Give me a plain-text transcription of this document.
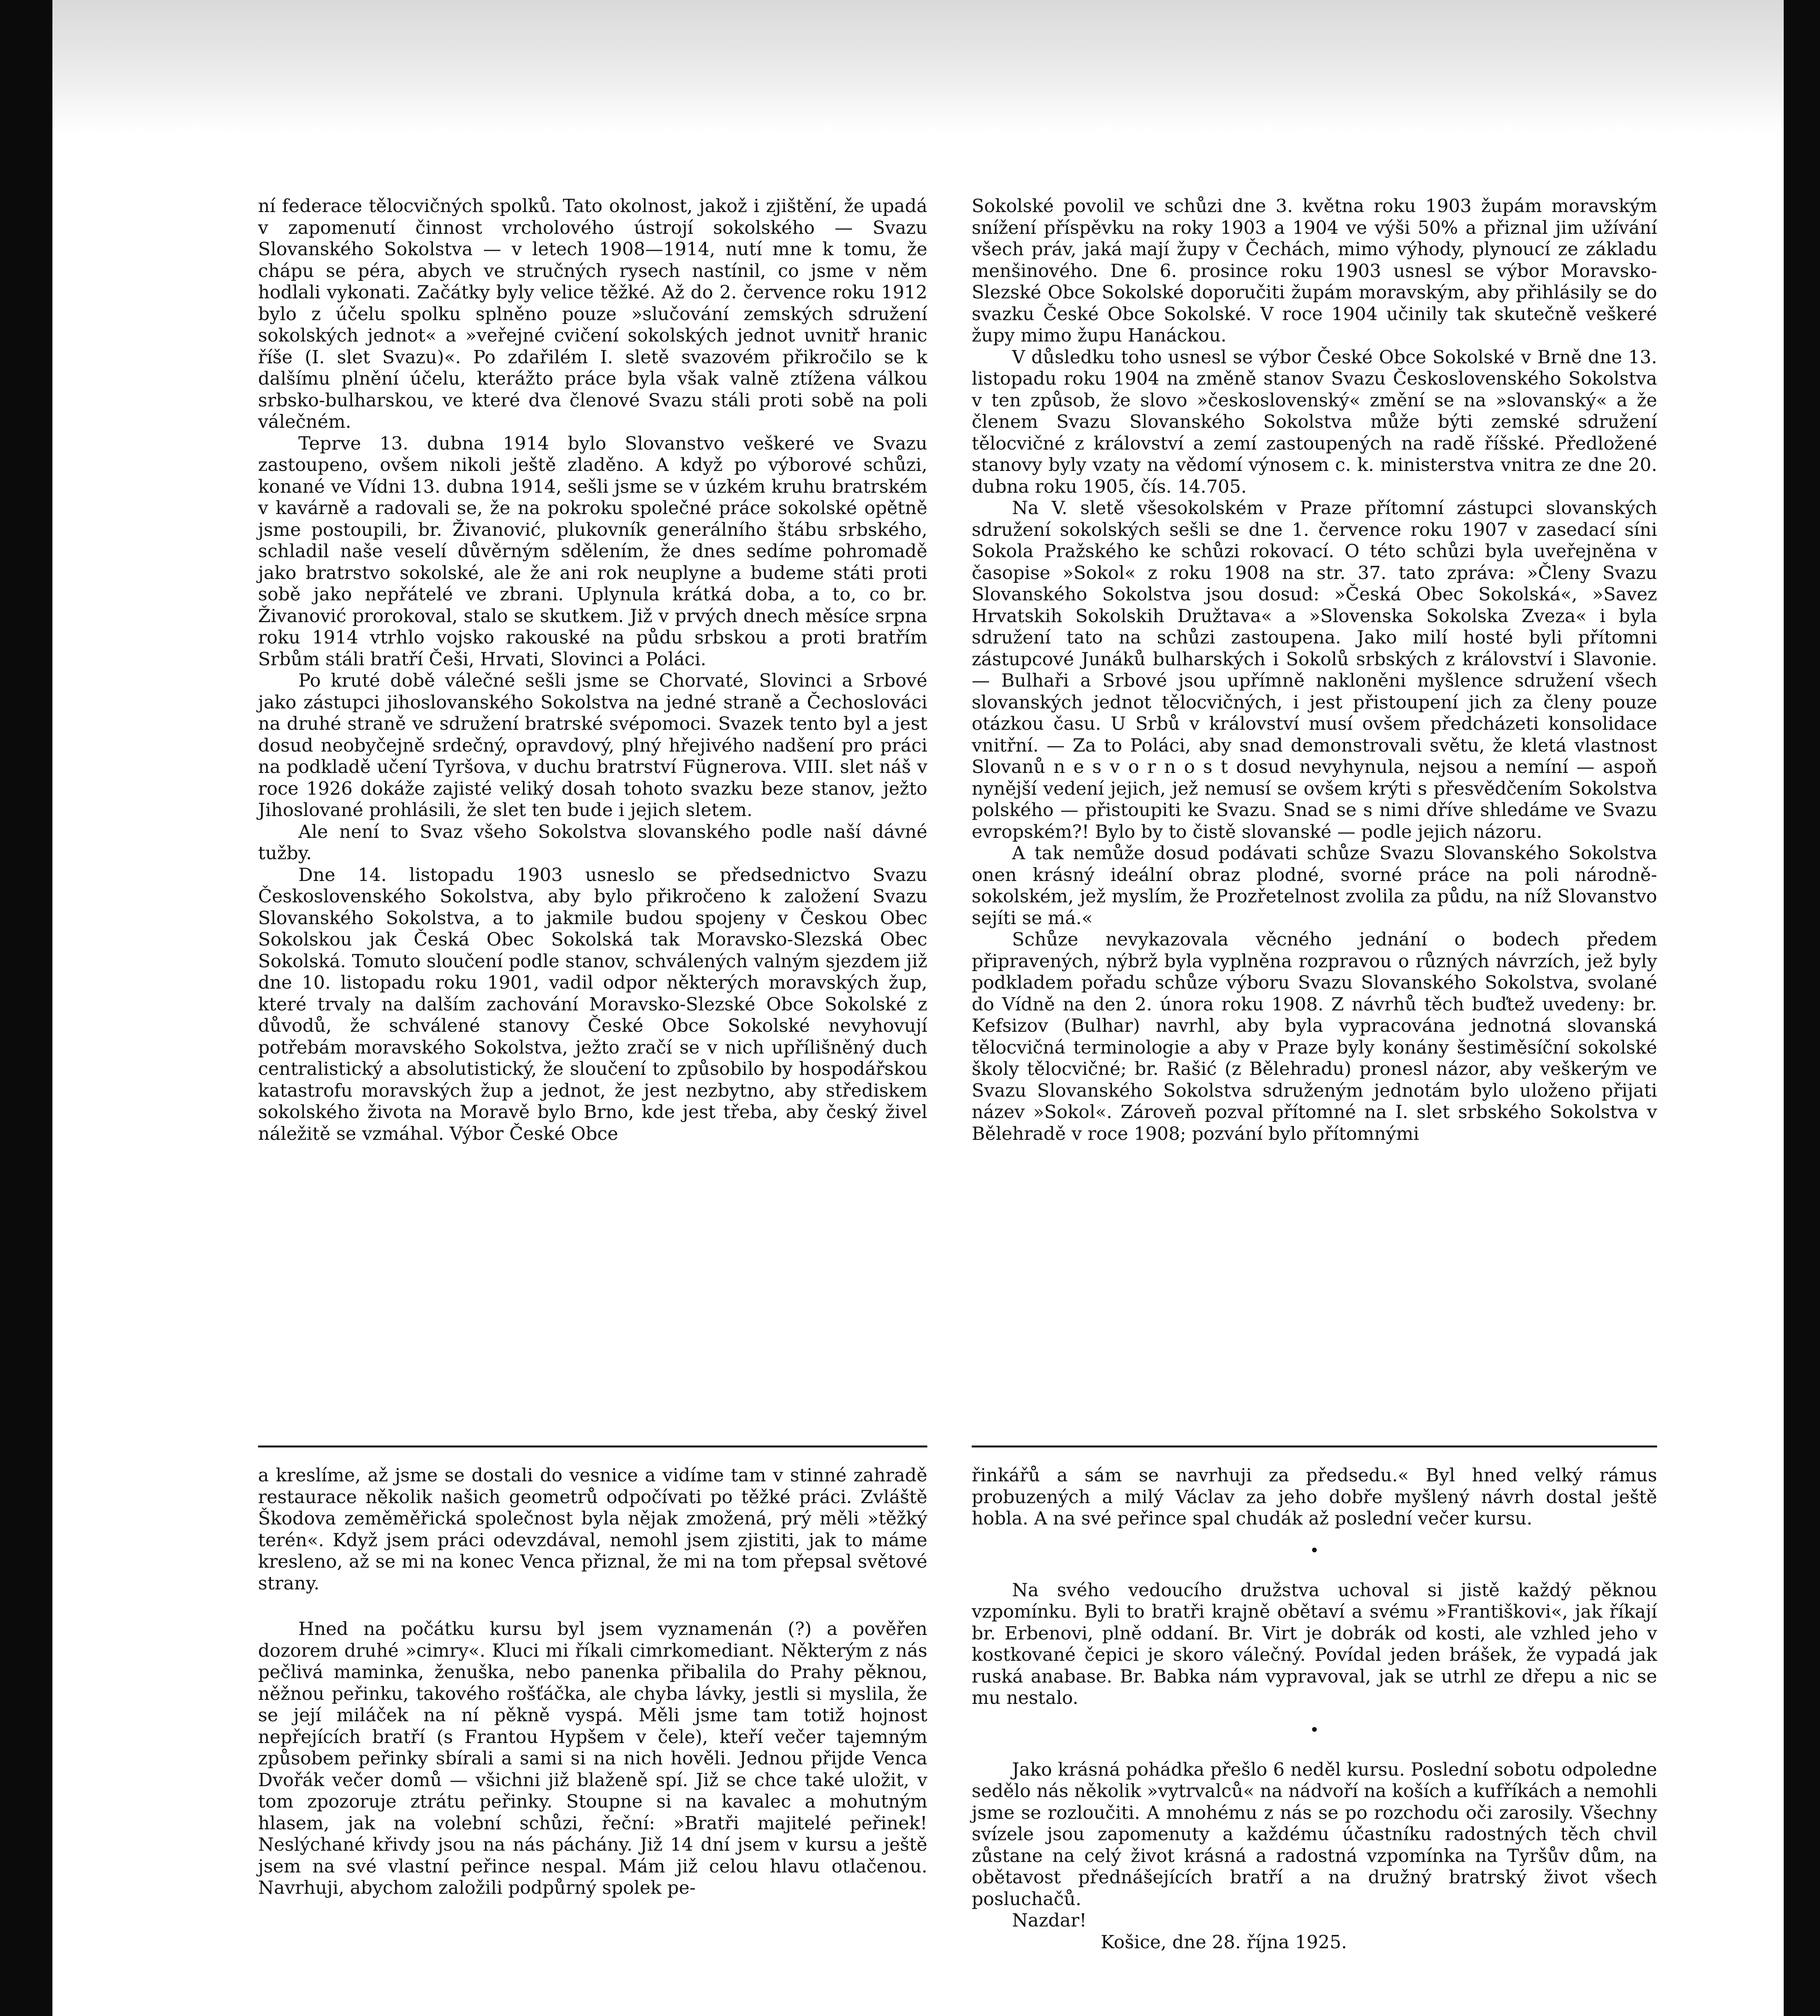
ní federace tělocvičných spolků. Tato okolnost, jakož i zjištění, že upadá v zapomenutí činnost vrcholového ústrojí sokolského — Svazu Slovanského Sokolstva — v letech 1908—1914, nutí mne k tomu, že chápu se péra, abych ve stručných rysech nastínil, co jsme v něm hodlali vykonati. Začátky byly velice těžké. Až do 2. července roku 1912 bylo z účelu spolku splněno pouze »slučování zemských sdružení sokolských jednot« a »veřejné cvičení sokolských jednot uvnitř hranic říše (I. slet Svazu)«. Po zdařilém I. sletě svazovém přikročilo se k dalšímu plnění účelu, kterážto práce byla však valně ztížena válkou srbsko-bulharskou, ve které dva členové Svazu stáli proti sobě na poli válečném.

Teprve 13. dubna 1914 bylo Slovanstvo veškeré ve Svazu zastoupeno, ovšem nikoli ještě zladěno. A když po výborové schůzi, konané ve Vídni 13. dubna 1914, sešli jsme se v úzkém kruhu bratrském v kavárně a radovali se, že na pokroku společné práce sokolské opětně jsme postoupili, br. Živanović, plukovník generálního štábu srbského, schladil naše veselí důvěrným sdělením, že dnes sedíme pohromadě jako bratrstvo sokolské, ale že ani rok neuplyne a budeme státi proti sobě jako nepřátelé ve zbrani. Uplynula krátká doba, a to, co br. Živanović prorokoval, stalo se skutkem. Již v prvých dnech měsíce srpna roku 1914 vtrhlo vojsko rakouské na půdu srbskou a proti bratřím Srbům stáli bratří Češi, Hrvati, Slovinci a Poláci.

Po kruté době válečné sešli jsme se Chorvaté, Slovinci a Srbové jako zástupci jihoslovanského Sokolstva na jedné straně a Čechoslováci na druhé straně ve sdružení bratrské svépomoci. Svazek tento byl a jest dosud neobyčejně srdečný, opravdový, plný hřejivého nadšení pro práci na podkladě učení Tyršova, v duchu bratrství Fügnerova. VIII. slet náš v roce 1926 dokáže zajisté veliký dosah tohoto svazku beze stanov, ježto Jihoslované prohlásili, že slet ten bude i jejich sletem.

Ale není to Svaz všeho Sokolstva slovanského podle naší dávné tužby.

Dne 14. listopadu 1903 usneslo se předsednictvo Svazu Československého Sokolstva, aby bylo přikročeno k založení Svazu Slovanského Sokolstva, a to jakmile budou spojeny v Českou Obec Sokolskou jak Česká Obec Sokolská tak Moravsko-Slezská Obec Sokolská. Tomuto sloučení podle stanov, schválených valným sjezdem již dne 10. listopadu roku 1901, vadil odpor některých moravských žup, které trvaly na dalším zachování Moravsko-Slezské Obce Sokolské z důvodů, že schválené stanovy České Obce Sokolské nevyhovují potřebám moravského Sokolstva, ježto zračí se v nich upřílišněný duch centralistický a absolutistický, že sloučení to způsobilo by hospodářskou katastrofu moravských žup a jednot, že jest nezbytno, aby střediskem sokolského života na Moravě bylo Brno, kde jest třeba, aby český živel náležitě se vzmáhal. Výbor České Obce

Sokolské povolil ve schůzi dne 3. května roku 1903 župám moravským snížení příspěvku na roky 1903 a 1904 ve výši 50% a přiznal jim užívání všech práv, jaká mají župy v Čechách, mimo výhody, plynoucí ze základu menšinového. Dne 6. prosince roku 1903 usnesl se výbor Moravsko-Slezské Obce Sokolské doporučiti župám moravským, aby přihlásily se do svazku České Obce Sokolské. V roce 1904 učinily tak skutečně veškeré župy mimo župu Hanáckou.

V důsledku toho usnesl se výbor České Obce Sokolské v Brně dne 13. listopadu roku 1904 na změně stanov Svazu Československého Sokolstva v ten způsob, že slovo »československý« změní se na »slovanský« a že členem Svazu Slovanského Sokolstva může býti zemské sdružení tělocvičné z království a zemí zastoupených na radě říšské. Předložené stanovy byly vzaty na vědomí výnosem c. k. ministerstva vnitra ze dne 20. dubna roku 1905, čís. 14.705.

Na V. sletě všesokolském v Praze přítomní zástupci slovanských sdružení sokolských sešli se dne 1. července roku 1907 v zasedací síni Sokola Pražského ke schůzi rokovací. O této schůzi byla uveřejněna v časopise »Sokol« z roku 1908 na str. 37. tato zpráva: »Členy Svazu Slovanského Sokolstva jsou dosud: »Česká Obec Sokolská«, »Savez Hrvatskih Sokolskih Družtava« a »Slovenska Sokolska Zveza« i byla sdružení tato na schůzi zastoupena. Jako milí hosté byli přítomni zástupcové Junáků bulharských i Sokolů srbských z království i Slavonie. — Bulhaři a Srbové jsou upřímně nakloněni myšlence sdružení všech slovanských jednot tělocvičných, i jest přistoupení jich za členy pouze otázkou času. U Srbů v království musí ovšem předcházeti konsolidace vnitřní. — Za to Poláci, aby snad demonstrovali světu, že kletá vlastnost Slovanů n e s v o r n o s t dosud nevyhynula, nejsou a nemíní — aspoň nynější vedení jejich, jež nemusí se ovšem krýti s přesvědčením Sokolstva polského — přistoupiti ke Svazu. Snad se s nimi dříve shledáme ve Svazu evropském?! Bylo by to čistě slovanské — podle jejich názoru.

A tak nemůže dosud podávati schůze Svazu Slovanského Sokolstva onen krásný ideální obraz plodné, svorné práce na poli národně-sokolském, jež myslím, že Prozřetelnost zvolila za půdu, na níž Slovanstvo sejíti se má.«

Schůze nevykazovala věcného jednání o bodech předem připravených, nýbrž byla vyplněna rozpravou o různých návrzích, jež byly podkladem pořadu schůze výboru Svazu Slovanského Sokolstva, svolané do Vídně na den 2. února roku 1908. Z návrhů těch buďtež uvedeny: br. Kefsizov (Bulhar) navrhl, aby byla vypracována jednotná slovanská tělocvičná terminologie a aby v Praze byly konány šestiměsíční sokolské školy tělocvičné; br. Rašić (z Bělehradu) pronesl názor, aby veškerým ve Svazu Slovanského Sokolstva sdruženým jednotám bylo uloženo přijati název »Sokol«. Zároveň pozval přítomné na I. slet srbského Sokolstva v Bělehradě v roce 1908; pozvání bylo přítomnými

a kreslíme, až jsme se dostali do vesnice a vidíme tam v stinné zahradě restaurace několik našich geometrů odpočívati po těžké práci. Zvláště Škodova zeměměřická společnost byla nějak zmožená, prý měli »těžký terén«. Když jsem práci odevzdával, nemohl jsem zjistiti, jak to máme kresleno, až se mi na konec Venca přiznal, že mi na tom přepsal světové strany.

Hned na počátku kursu byl jsem vyznamenán (?) a pověřen dozorem druhé »cimry«. Kluci mi říkali cimrkomediant. Některým z nás pečlivá maminka, ženuška, nebo panenka přibalila do Prahy pěknou, něžnou peřinku, takového rošťáčka, ale chyba lávky, jestli si myslila, že se její miláček na ní pěkně vyspá. Měli jsme tam totiž hojnost nepřejících bratří (s Frantou Hypšem v čele), kteří večer tajemným způsobem peřinky sbírali a sami si na nich hověli. Jednou přijde Venca Dvořák večer domů — všichni již blaženě spí. Již se chce také uložit, v tom zpozoruje ztrátu peřinky. Stoupne si na kavalec a mohutným hlasem, jak na volební schůzi, řeční: »Bratři majitelé peřinek! Neslýchané křivdy jsou na nás páchány. Již 14 dní jsem v kursu a ještě jsem na své vlastní peřince nespal. Mám již celou hlavu otlačenou. Navrhuji, abychom založili podpůrný spolek pe-

řinkářů a sám se navrhuji za předsedu.« Byl hned velký rámus probuzených a milý Václav za jeho dobře myšlený návrh dostal ještě hobla. A na své peřince spal chudák až poslední večer kursu.

•

Na svého vedoucího družstva uchoval si jistě každý pěknou vzpomínku. Byli to bratři krajně obětaví a svému »Františkovi«, jak říkají br. Erbenovi, plně oddaní. Br. Virt je dobrák od kosti, ale vzhled jeho v kostkované čepici je skoro válečný. Povídal jeden brášek, že vypadá jak ruská anabase. Br. Babka nám vypravoval, jak se utrhl ze dřepu a nic se mu nestalo.

•

Jako krásná pohádka přešlo 6 neděl kursu. Poslední sobotu odpoledne sedělo nás několik »vytrvalců« na nádvoří na koších a kufříkách a nemohli jsme se rozloučiti. A mnohému z nás se po rozchodu oči zarosily. Všechny svízele jsou zapomenuty a každému účastníku radostných těch chvil zůstane na celý život krásná a radostná vzpomínka na Tyršův dům, na obětavost přednášejících bratří a na družný bratrský život všech posluchačů.

Nazdar!

Košice, dne 28. října 1925.
